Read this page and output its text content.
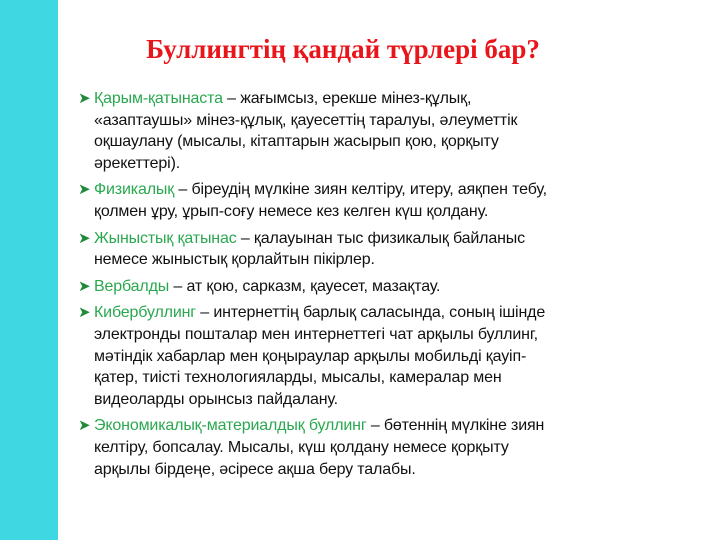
Буллингтің қандай түрлері бар?
➤ Қарым-қатынаста – жағымсыз, ерекше мінез-құлық,
«азаптаушы» мінез-құлық, қауесеттің таралуы, әлеуметтік
оқшаулану (мысалы, кітаптарын жасырып қою, қорқыту
әрекеттері).
➤ Физикалық – біреудің мүлкіне зиян келтіру, итеру, аяқпен тебу,
қолмен ұру, ұрып-соғу немесе кез келген күш қолдану.
➤ Жыныстық қатынас – қалауынан тыс физикалық байланыс
немесе жыныстық қорлайтын пікірлер.
➤ Вербалды – ат қою, сарказм, қауесет, мазақтау.
➤ Кибербуллинг – интернеттің барлық саласында, соның ішінде
электронды пошталар мен интернеттегі чат арқылы буллинг,
мәтіндік хабарлар мен қоңыраулар арқылы мобильді қауіп-
қатер, тиісті технологияларды, мысалы, камералар мен
видеоларды орынсыз пайдалану.
➤ Экономикалық-материалдық буллинг – бөтеннің мүлкіне зиян
келтіру, бопсалау. Мысалы, күш қолдану немесе қорқыту
арқылы бірдеңе, әсіресе ақша беру талабы.
